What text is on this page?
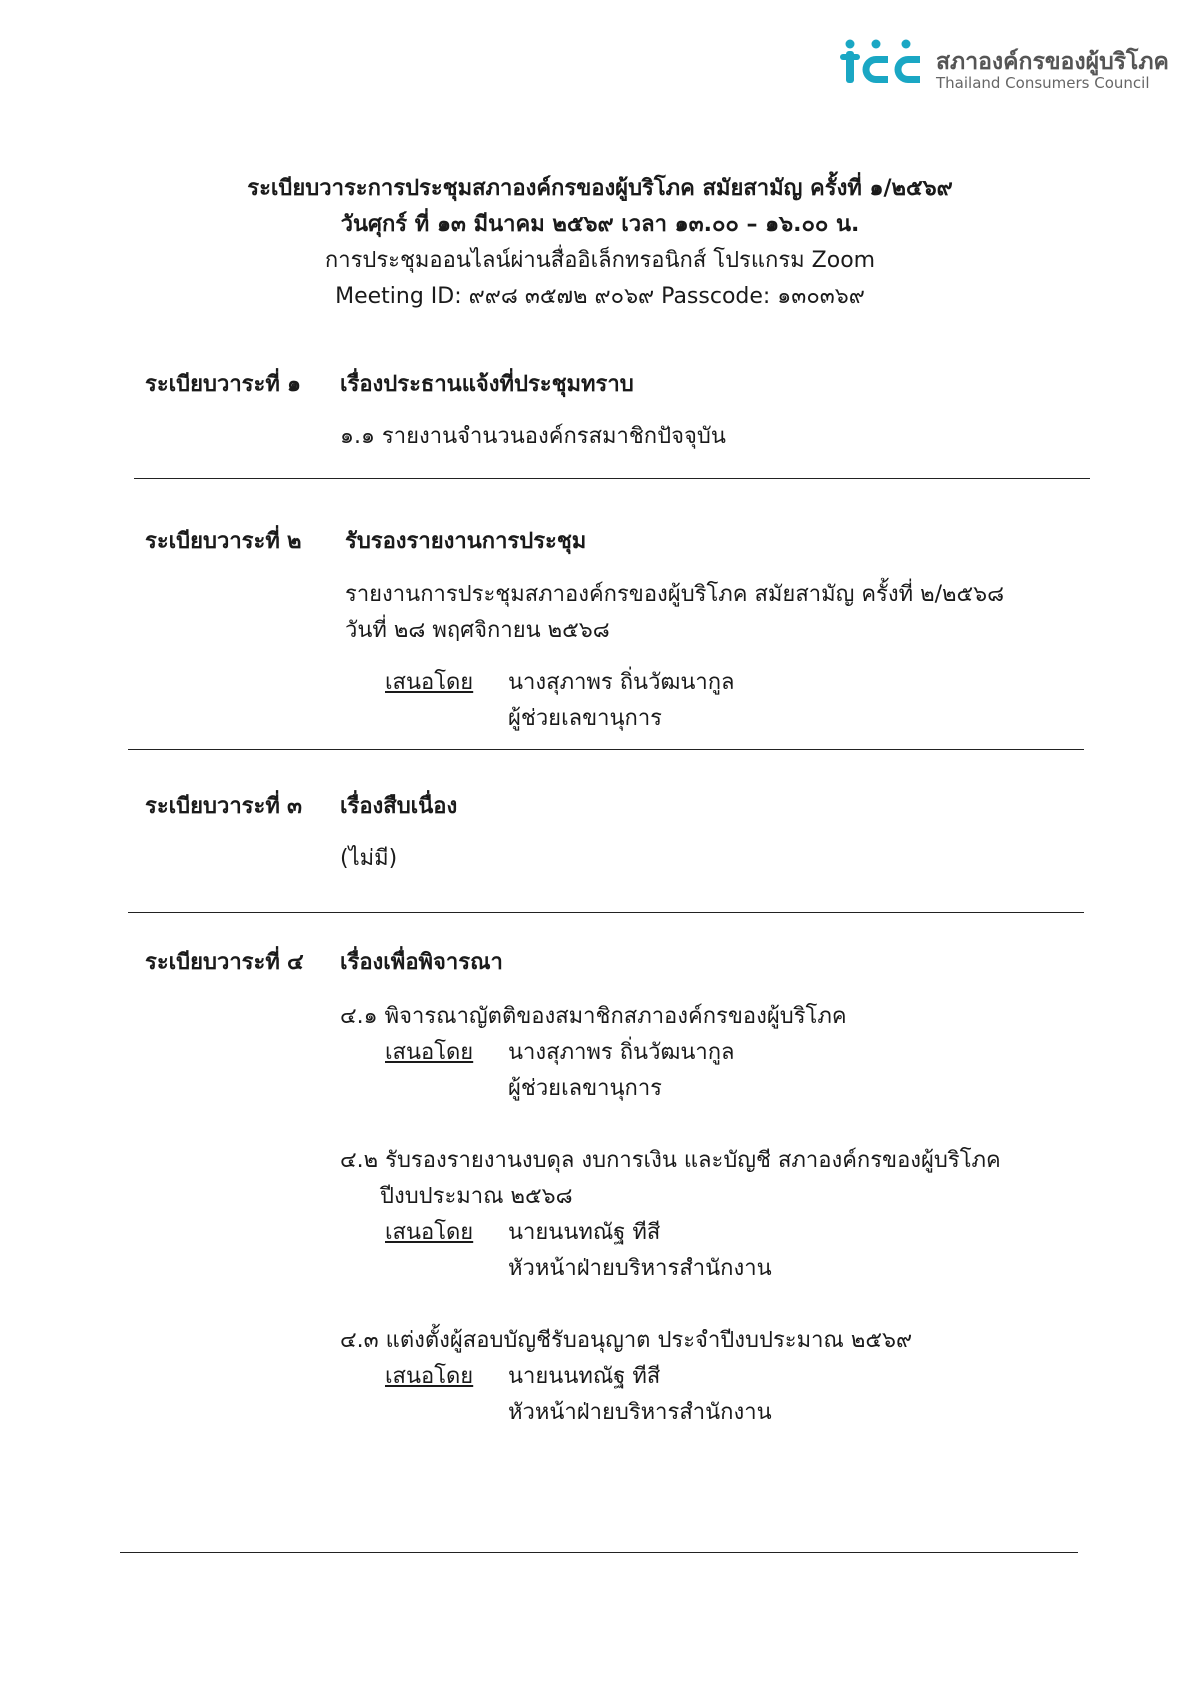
สภาองค์กรของผู้บริโภค
Thailand Consumers Council
ระเบียบวาระการประชุมสภาองค์กรของผู้บริโภค สมัยสามัญ ครั้งที่ ๑/๒๕๖๙
วันศุกร์ ที่ ๑๓ มีนาคม ๒๕๖๙ เวลา ๑๓.๐๐ – ๑๖.๐๐ น.
การประชุมออนไลน์ผ่านสื่ออิเล็กทรอนิกส์ โปรแกรม Zoom
Meeting ID: ๙๙๘ ๓๕๗๒ ๙๐๖๙ Passcode: ๑๓๐๓๖๙
ระเบียบวาระที่ ๑ เรื่องประธานแจ้งที่ประชุมทราบ
๑.๑ รายงานจำนวนองค์กรสมาชิกปัจจุบัน
ระเบียบวาระที่ ๒ รับรองรายงานการประชุม
รายงานการประชุมสภาองค์กรของผู้บริโภค สมัยสามัญ ครั้งที่ ๒/๒๕๖๘
วันที่ ๒๘ พฤศจิกายน ๒๕๖๘
เสนอโดย นางสุภาพร ถิ่นวัฒนากูล
ผู้ช่วยเลขานุการ
ระเบียบวาระที่ ๓ เรื่องสืบเนื่อง
(ไม่มี)
ระเบียบวาระที่ ๔ เรื่องเพื่อพิจารณา
๔.๑ พิจารณาญัตติของสมาชิกสภาองค์กรของผู้บริโภค
เสนอโดย นางสุภาพร ถิ่นวัฒนากูล
ผู้ช่วยเลขานุการ
๔.๒ รับรองรายงานงบดุล งบการเงิน และบัญชี สภาองค์กรของผู้บริโภค
ปีงบประมาณ ๒๕๖๘
เสนอโดย นายนนทณัฐ ทีสี
หัวหน้าฝ่ายบริหารสำนักงาน
๔.๓ แต่งตั้งผู้สอบบัญชีรับอนุญาต ประจำปีงบประมาณ ๒๕๖๙
เสนอโดย นายนนทณัฐ ทีสี
หัวหน้าฝ่ายบริหารสำนักงาน
